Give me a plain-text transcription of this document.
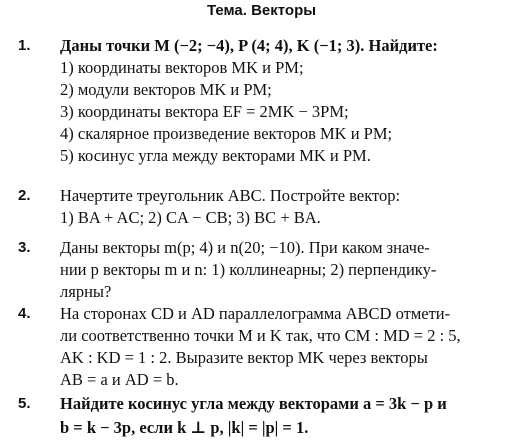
Тема. Векторы
1. Даны точки M (−2; −4), P (4; 4), K (−1; 3). Найдите:
1) координаты векторов MK и PM;
2) модули векторов MK и PM;
3) координаты вектора EF = 2MK − 3PM;
4) скалярное произведение векторов MK и PM;
5) косинус угла между векторами MK и PM.
2. Начертите треугольник ABC. Постройте вектор:
1) BA + AC; 2) CA − CB; 3) BC + BA.
3. Даны векторы m(p; 4) и n(20; −10). При каком значе-
нии p векторы m и n: 1) коллинеарны; 2) перпендику-
лярны?
4. На сторонах CD и AD параллелограмма ABCD отмети-
ли соответственно точки M и K так, что CM : MD = 2 : 5,
AK : KD = 1 : 2. Выразите вектор MK через векторы
AB = a и AD = b.
5. Найдите косинус угла между векторами a = 3k − p и
b = k − 3p, если k ⊥ p, |k| = |p| = 1.
